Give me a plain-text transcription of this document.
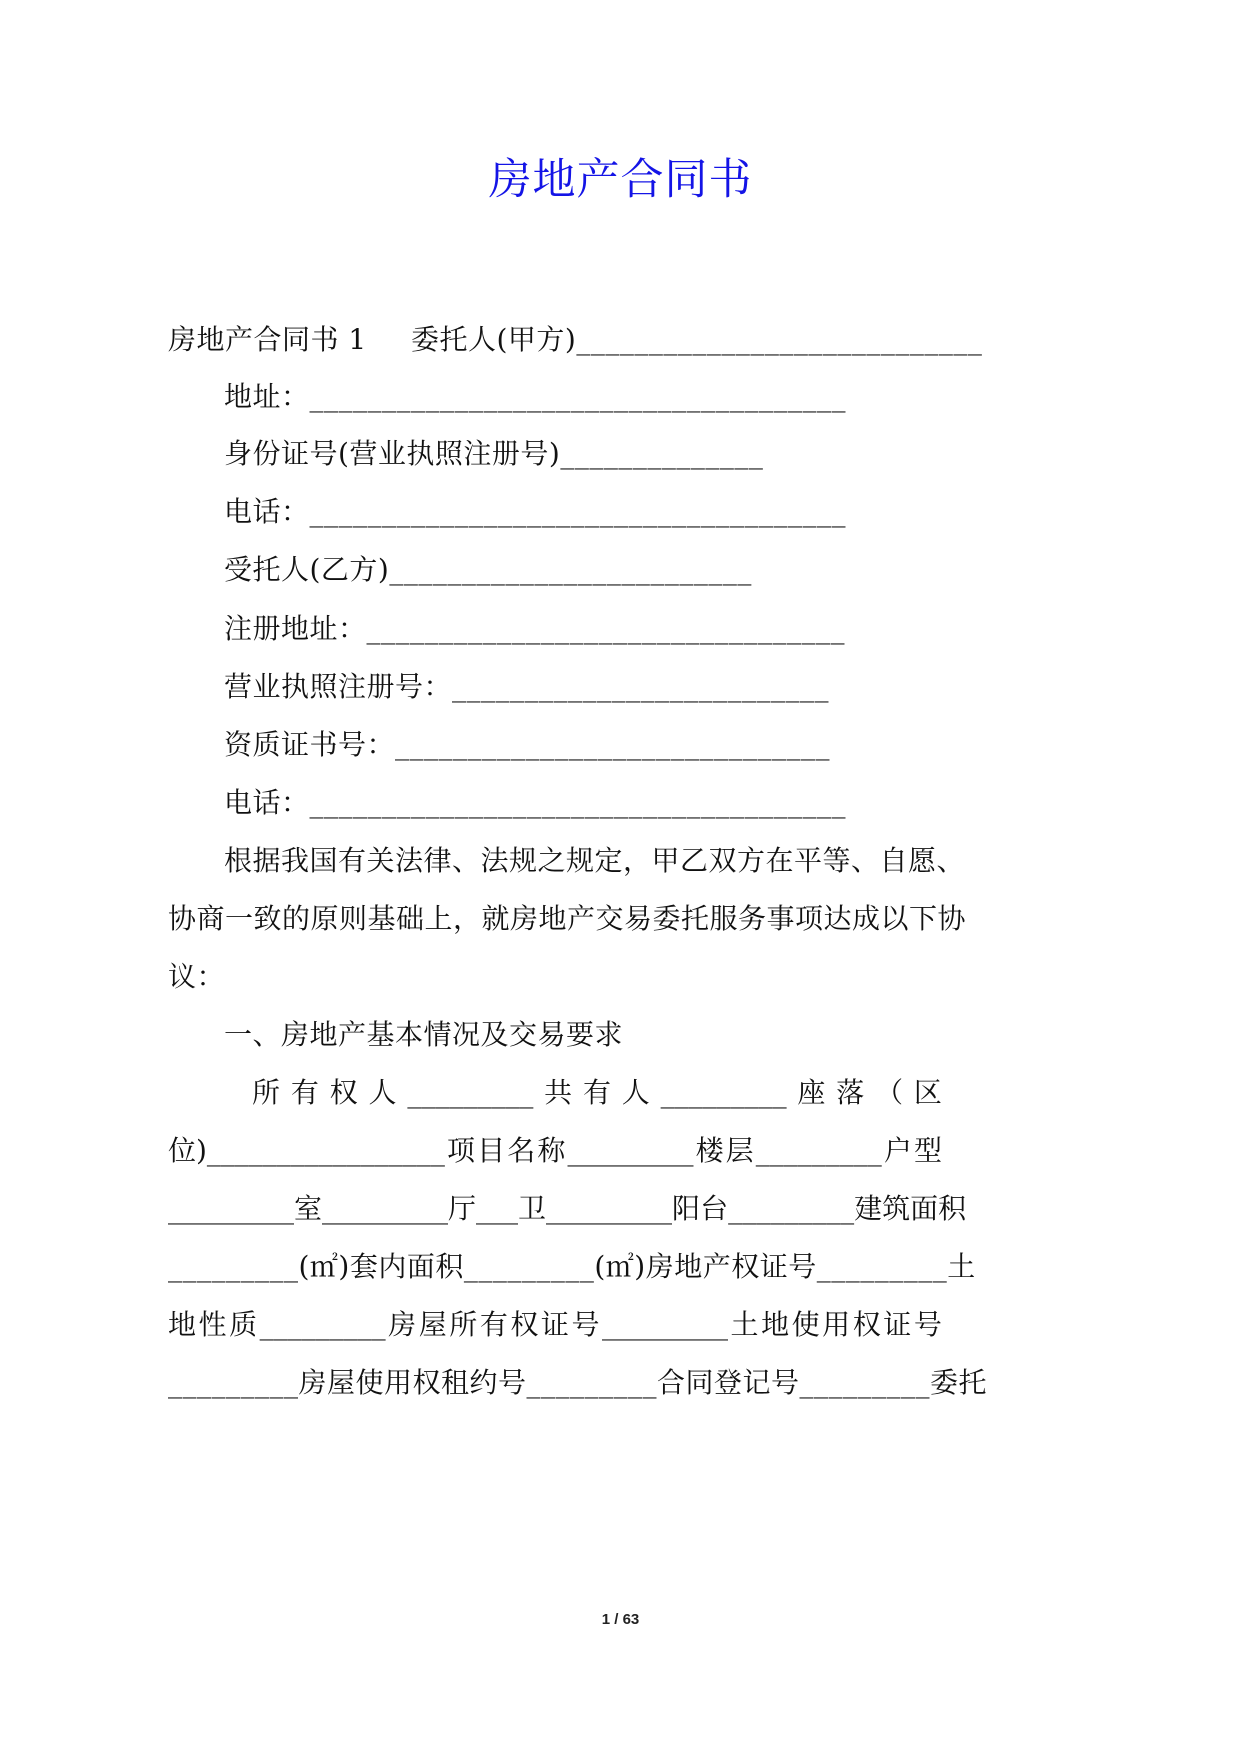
房地产合同书
房地产合同书 1 委托人(甲方)____________________________
地址：_____________________________________
身份证号(营业执照注册号)______________
电话：_____________________________________
受托人(乙方)_________________________
注册地址：_________________________________
营业执照注册号：__________________________
资质证书号：______________________________
电话：_____________________________________
根据我国有关法律、法规之规定，甲乙双方在平等、自愿、
协商一致的原则基础上，就房地产交易委托服务事项达成以下协
议：
一、房地产基本情况及交易要求
所 有 权 人 _________ 共 有 人 _________ 座 落 （ 区
位)_________________ 项 目 名 称 _________ 楼 层 _________ 户 型
_________ 室 _________ 厅 ___ 卫 _________ 阳 台 _________ 建 筑 面 积
_________(㎡)套内面积_________(㎡)房地产权证号_________土
地 性 质 _________ 房 屋 所 有 权 证 号 _________ 土 地 使 用 权 证 号
_________房屋使用权租约号_________合同登记号_________委托
1 / 63
